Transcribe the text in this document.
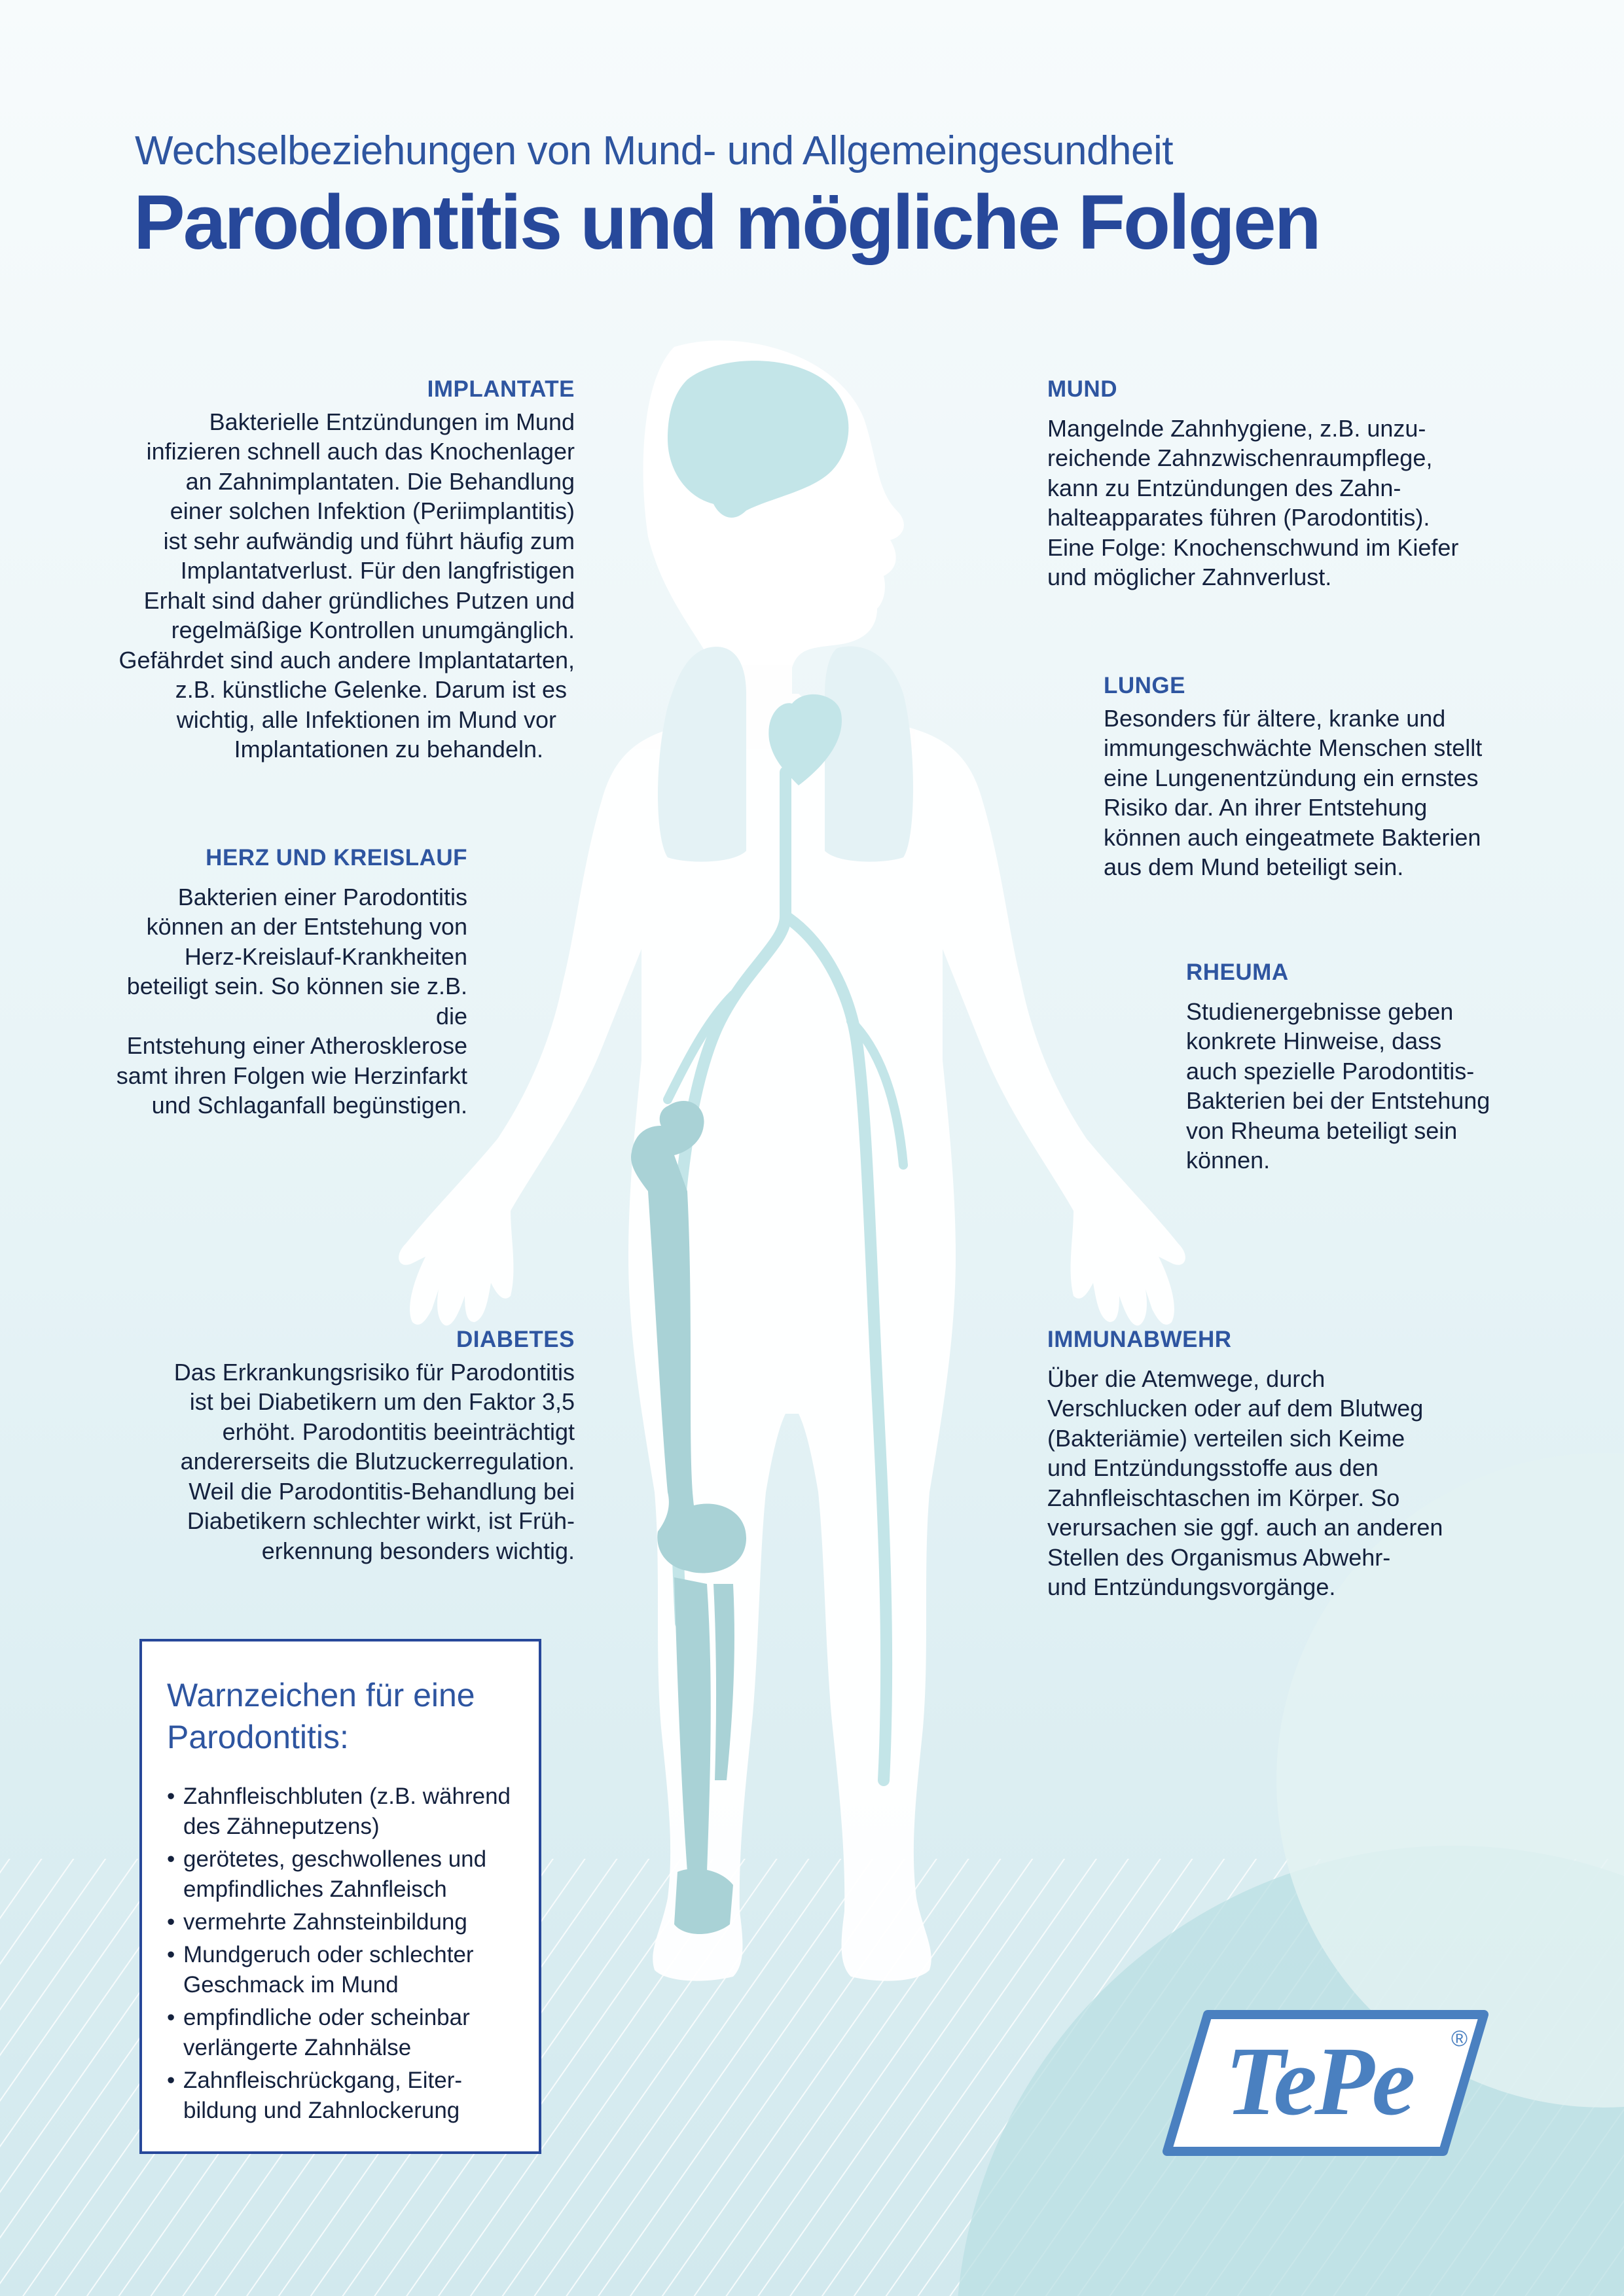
Wechselbeziehungen von Mund- und Allgemeingesundheit
Parodontitis und mögliche Folgen
IMPLANTATE

Bakterielle Entzündungen im Mund
infizieren schnell auch das Knochenlager
an Zahnimplantaten. Die Behandlung
einer solchen Infektion (Periimplantitis)
ist sehr aufwändig und führt häufig zum
Implantatverlust. Für den langfristigen
Erhalt sind daher gründliches Putzen und
regelmäßige Kontrollen unumgänglich.
Gefährdet sind auch andere Implantatarten,
z.B. künstliche Gelenke. Darum ist es
wichtig, alle Infektionen im Mund vor
Implantationen zu behandeln.

HERZ UND KREISLAUF

Bakterien einer Parodontitis
können an der Entstehung von
Herz-Kreislauf-Krankheiten
beteiligt sein. So können sie z.B. die
Entstehung einer Atherosklerose
samt ihren Folgen wie Herzinfarkt
und Schlaganfall begünstigen.

DIABETES

Das Erkrankungsrisiko für Parodontitis
ist bei Diabetikern um den Faktor 3,5
erhöht. Parodontitis beeinträchtigt
andererseits die Blutzuckerregulation.
Weil die Parodontitis-Behandlung bei
Diabetikern schlechter wirkt, ist Früh-
erkennung besonders wichtig.

MUND

Mangelnde Zahnhygiene, z.B. unzu-
reichende Zahnzwischenraumpflege,
kann zu Entzündungen des Zahn-
halteapparates führen (Parodontitis).
Eine Folge: Knochenschwund im Kiefer
und möglicher Zahnverlust.

LUNGE

Besonders für ältere, kranke und
immungeschwächte Menschen stellt
eine Lungenentzündung ein ernstes
Risiko dar. An ihrer Entstehung
können auch eingeatmete Bakterien
aus dem Mund beteiligt sein.

RHEUMA

Studienergebnisse geben
konkrete Hinweise, dass
auch spezielle Parodontitis-
Bakterien bei der Entstehung
von Rheuma beteiligt sein
können.

IMMUNABWEHR

Über die Atemwege, durch
Verschlucken oder auf dem Blutweg
(Bakteriämie) verteilen sich Keime
und Entzündungsstoffe aus den
Zahnfleischtaschen im Körper. So
verursachen sie ggf. auch an anderen
Stellen des Organismus Abwehr-
und Entzündungsvorgänge.

Warnzeichen für eine Parodontitis:
• Zahnfleischbluten (z.B. während des Zähneputzens)
• gerötetes, geschwollenes und empfindliches Zahnfleisch
• vermehrte Zahnsteinbildung
• Mundgeruch oder schlechter Geschmack im Mund
• empfindliche oder scheinbar verlängerte Zahnhälse
• Zahnfleischrückgang, Eiter-bildung und Zahnlockerung	TePe ®
